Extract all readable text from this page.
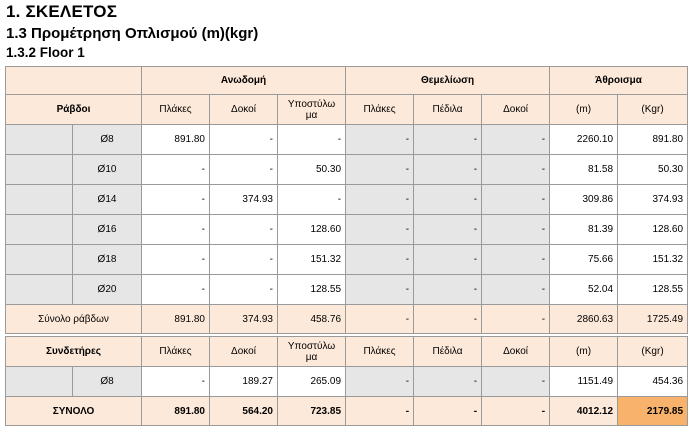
1. ΣΚΕΛΕΤΟΣ
1.3 Προμέτρηση Οπλισμού (m)(kgr)
1.3.2 Floor 1
		Ανωδομή			Θεμελίωση			Άθροισμα	
Ράβδοι		Πλάκες	Δοκοί	Υποστύλω μα	Πλάκες	Πέδιλα	Δοκοί	(m)	(Kgr)
	Ø8	891.80	-	-	-	-	-	2260.10	891.80
	Ø10	-	-	50.30	-	-	-	81.58	50.30
	Ø14	-	374.93	-	-	-	-	309.86	374.93
	Ø16	-	-	128.60	-	-	-	81.39	128.60
	Ø18	-	-	151.32	-	-	-	75.66	151.32
	Ø20	-	-	128.55	-	-	-	52.04	128.55
Σύνολο ράβδων		891.80	374.93	458.76	-	-	-	2860.63	1725.49

Συνδετήρες		Πλάκες	Δοκοί	Υποστύλω μα	Πλάκες	Πέδιλα	Δοκοί	(m)	(Kgr)
	Ø8	-	189.27	265.09	-	-	-	1151.49	454.36
ΣΥΝΟΛΟ		891.80	564.20	723.85	-	-	-	4012.12	2179.85
